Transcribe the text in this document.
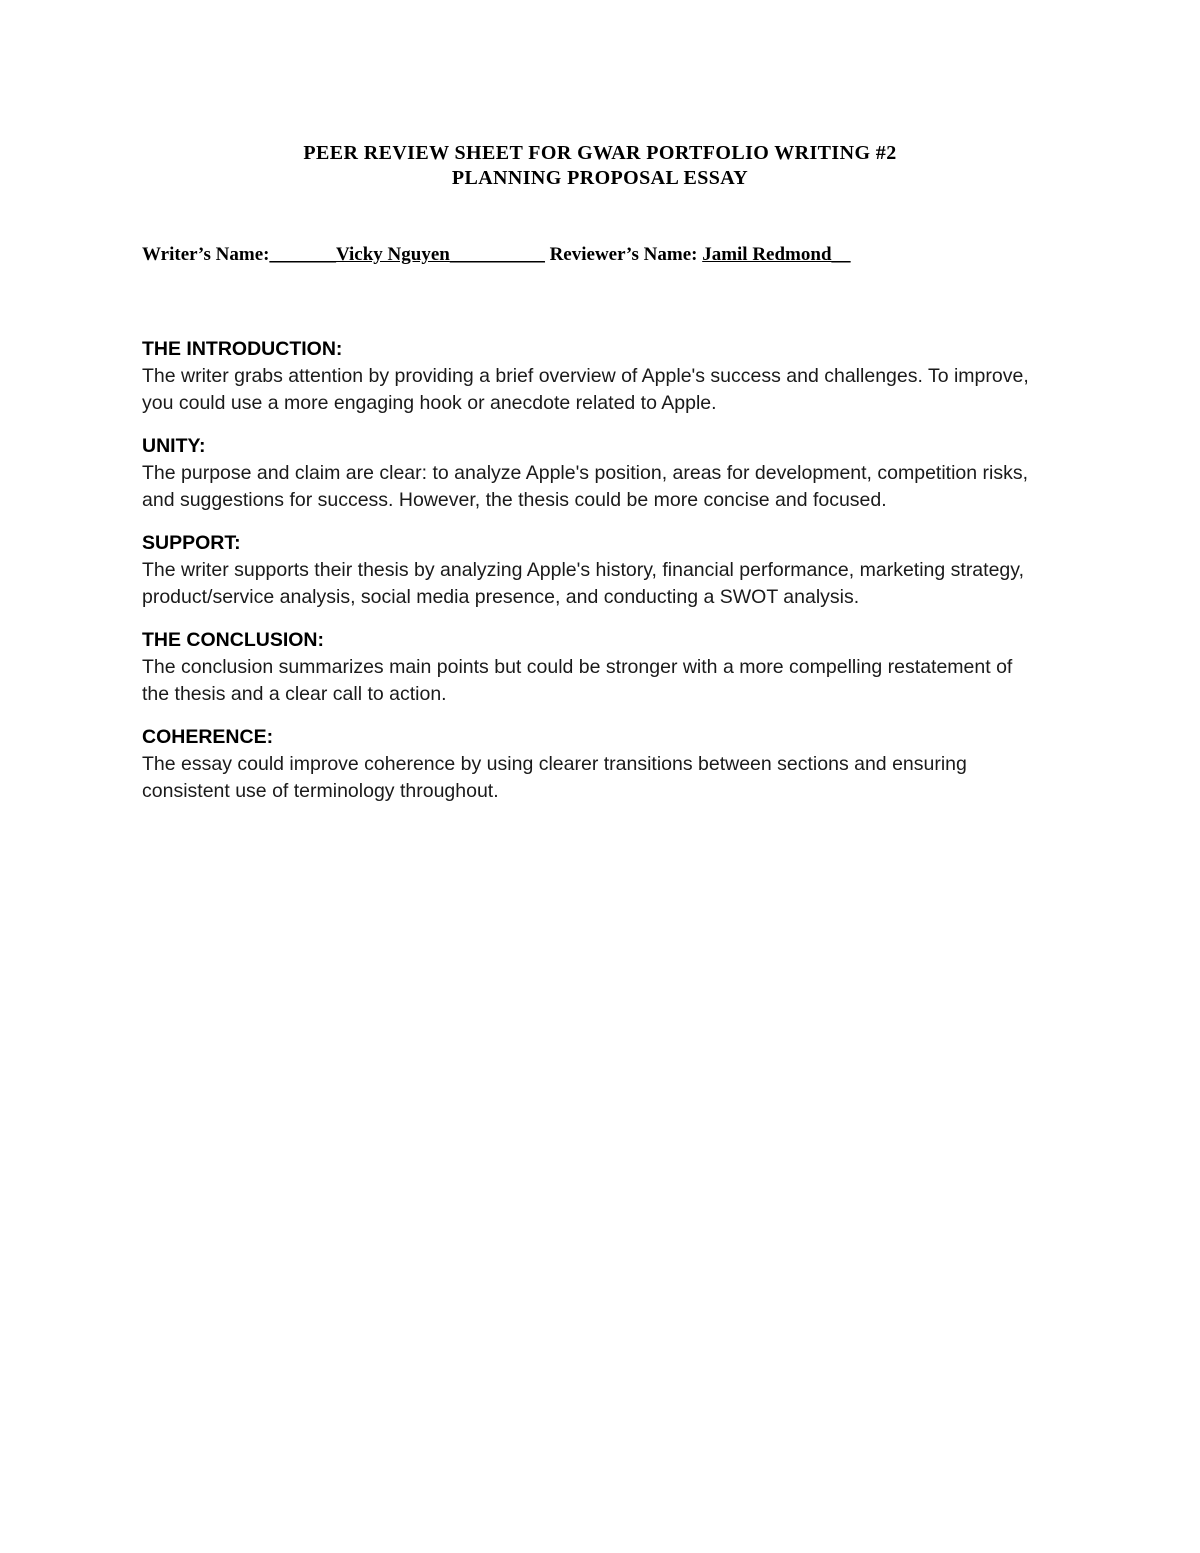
PEER REVIEW SHEET FOR GWAR PORTFOLIO WRITING #2
PLANNING PROPOSAL ESSAY
Writer’s Name:_______Vicky Nguyen__________ Reviewer’s Name: Jamil Redmond__
THE INTRODUCTION:
The writer grabs attention by providing a brief overview of Apple's success and challenges. To improve, you could use a more engaging hook or anecdote related to Apple.
UNITY:
The purpose and claim are clear: to analyze Apple's position, areas for development, competition risks, and suggestions for success. However, the thesis could be more concise and focused.
SUPPORT:
The writer supports their thesis by analyzing Apple's history, financial performance, marketing strategy, product/service analysis, social media presence, and conducting a SWOT analysis.
THE CONCLUSION:
The conclusion summarizes main points but could be stronger with a more compelling restatement of the thesis and a clear call to action.
COHERENCE:
The essay could improve coherence by using clearer transitions between sections and ensuring consistent use of terminology throughout.
